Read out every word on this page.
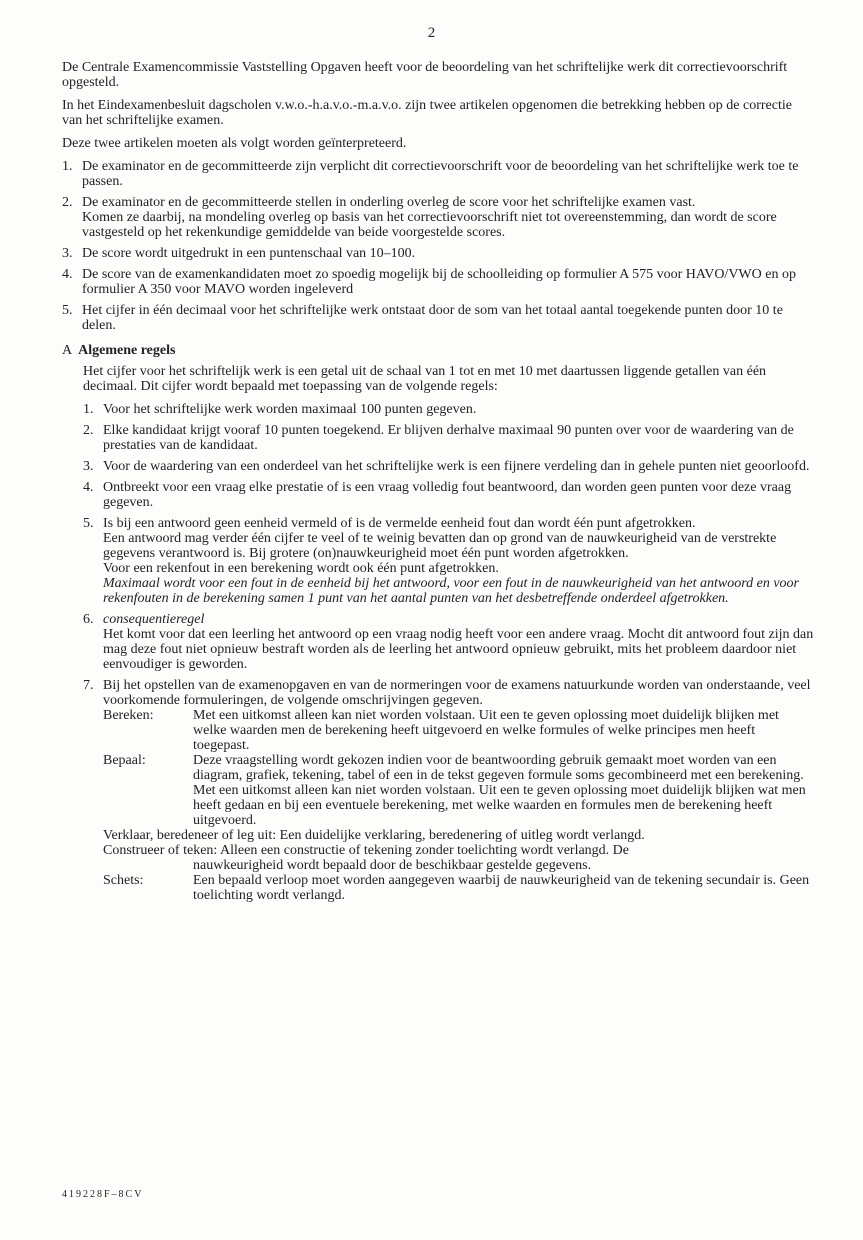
2

De Centrale Examencommissie Vaststelling Opgaven heeft voor de beoordeling van het schriftelijke werk dit correctievoorschrift opgesteld.

In het Eindexamenbesluit dagscholen v.w.o.-h.a.v.o.-m.a.v.o. zijn twee artikelen opgenomen die betrekking hebben op de correctie van het schriftelijke examen.

Deze twee artikelen moeten als volgt worden geïnterpreteerd.

1. De examinator en de gecommitteerde zijn verplicht dit correctievoorschrift voor de beoordeling van het schriftelijke werk toe te passen.
2. De examinator en de gecommitteerde stellen in onderling overleg de score voor het schriftelijke examen vast.
Komen ze daarbij, na mondeling overleg op basis van het correctievoorschrift niet tot overeenstemming, dan wordt de score vastgesteld op het rekenkundige gemiddelde van beide voorgestelde scores.
3. De score wordt uitgedrukt in een puntenschaal van 10–100.
4. De score van de examenkandidaten moet zo spoedig mogelijk bij de schoolleiding op formulier A 575 voor HAVO/VWO en op formulier A 350 voor MAVO worden ingeleverd
5. Het cijfer in één decimaal voor het schriftelijke werk ontstaat door de som van het totaal aantal toegekende punten door 10 te delen.
A Algemene regels

Het cijfer voor het schriftelijk werk is een getal uit de schaal van 1 tot en met 10 met daartussen liggende getallen van één decimaal. Dit cijfer wordt bepaald met toepassing van de volgende regels:

1. Voor het schriftelijke werk worden maximaal 100 punten gegeven.
2. Elke kandidaat krijgt vooraf 10 punten toegekend. Er blijven derhalve maximaal 90 punten over voor de waardering van de prestaties van de kandidaat.
3. Voor de waardering van een onderdeel van het schriftelijke werk is een fijnere verdeling dan in gehele punten niet geoorloofd.
4. Ontbreekt voor een vraag elke prestatie of is een vraag volledig fout beantwoord, dan worden geen punten voor deze vraag gegeven.
5. Is bij een antwoord geen eenheid vermeld of is de vermelde eenheid fout dan wordt één punt afgetrokken.
Een antwoord mag verder één cijfer te veel of te weinig bevatten dan op grond van de nauwkeurigheid van de verstrekte gegevens verantwoord is. Bij grotere (on)nauwkeurigheid moet één punt worden afgetrokken.
Voor een rekenfout in een berekening wordt ook één punt afgetrokken.
Maximaal wordt voor een fout in de eenheid bij het antwoord, voor een fout in de nauwkeurigheid van het antwoord en voor rekenfouten in de berekening samen 1 punt van het aantal punten van het desbetreffende onderdeel afgetrokken.
6. consequentieregel
Het komt voor dat een leerling het antwoord op een vraag nodig heeft voor een andere vraag. Mocht dit antwoord fout zijn dan mag deze fout niet opnieuw bestraft worden als de leerling het antwoord opnieuw gebruikt, mits het probleem daardoor niet eenvoudiger is geworden.
7. Bij het opstellen van de examenopgaven en van de normeringen voor de examens natuurkunde worden van onderstaande, veel voorkomende formuleringen, de volgende omschrijvingen gegeven.
Bereken:	Met een uitkomst alleen kan niet worden volstaan. Uit een te geven oplossing moet duidelijk blijken met welke waarden men de berekening heeft uitgevoerd en welke formules of welke principes men heeft toegepast.
Bepaal:	Deze vraagstelling wordt gekozen indien voor de beantwoording gebruik gemaakt moet worden van een diagram, grafiek, tekening, tabel of een in de tekst gegeven formule soms gecombineerd met een berekening. Met een uitkomst alleen kan niet worden volstaan. Uit een te geven oplossing moet duidelijk blijken wat men heeft gedaan en bij een eventuele berekening, met welke waarden en formules men de berekening heeft uitgevoerd.
Verklaar, beredeneer of leg uit: Een duidelijke verklaring, beredenering of uitleg wordt verlangd.
Construeer of teken: Alleen een constructie of tekening zonder toelichting wordt verlangd. De
nauwkeurigheid wordt bepaald door de beschikbaar gestelde gegevens.
Schets:	Een bepaald verloop moet worden aangegeven waarbij de nauwkeurigheid van de tekening secundair is. Geen toelichting wordt verlangd.
419228F–8CV
